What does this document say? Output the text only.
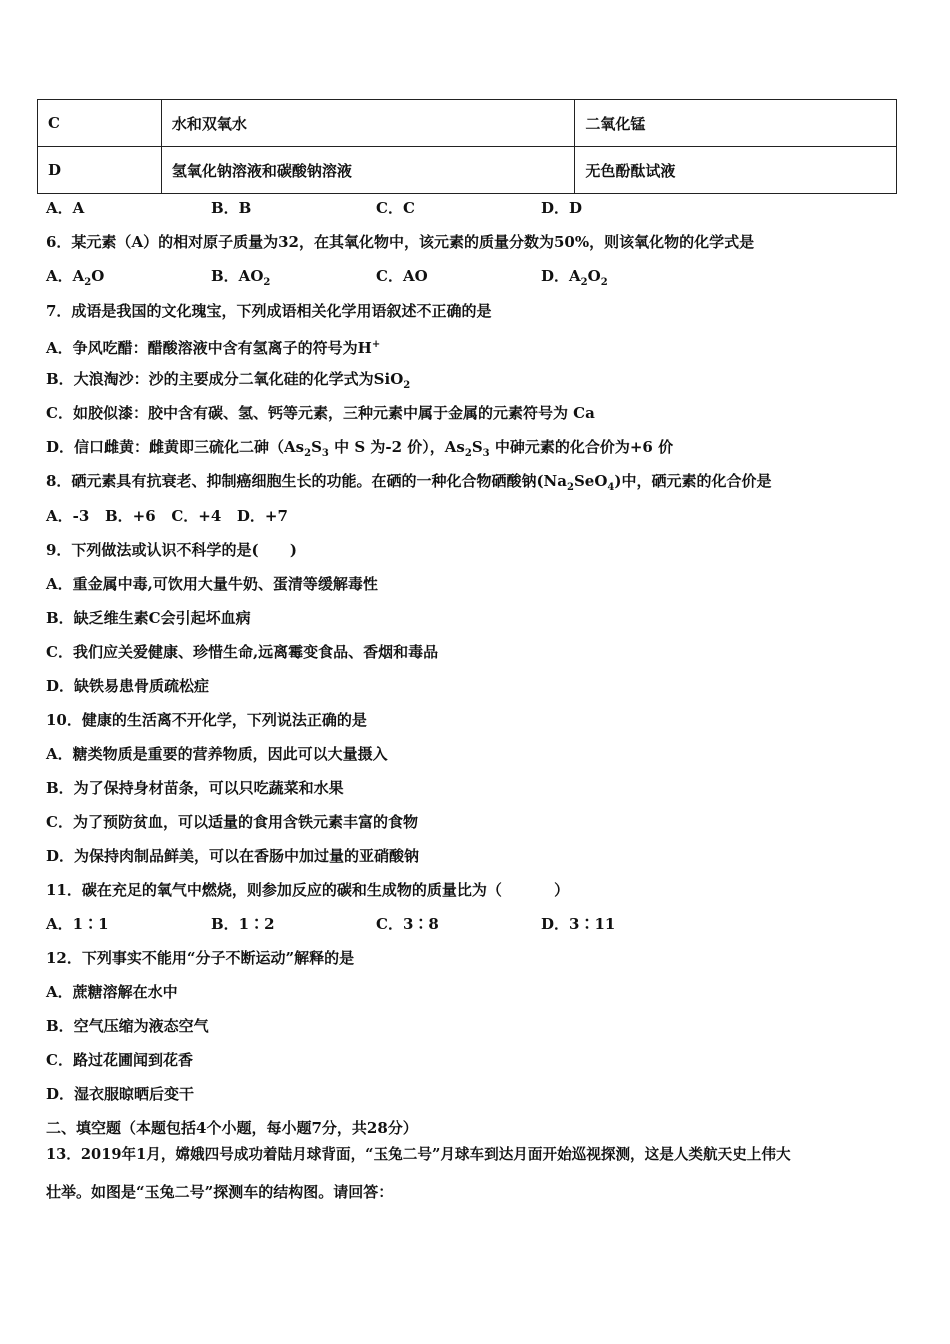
C	水和双氧水	二氧化锰
D	氢氧化钠溶液和碳酸钠溶液	无色酚酞试液
A．A	B．B	C．C	D．D
6．某元素（A）的相对原子质量为32，在其氧化物中，该元素的质量分数为50%，则该氧化物的化学式是
A．$A_2O$	B．$AO_2$	C．AO	D．$A_2O_2$
7．成语是我国的文化瑰宝，下列成语相关化学用语叙述不正确的是
A．争风吃醋：醋酸溶液中含有氢离子的符号为H+
B．大浪淘沙：沙的主要成分二氧化硅的化学式为SiO$_2$
C．如胶似漆：胶中含有碳、氢、钙等元素，三种元素中属于金属的元素符号为 Ca
D．信口雌黄：雌黄即三硫化二砷（$As_2S_3$ 中 S 为-2 价），$As_2S_3$ 中砷元素的化合价为+6 价
8．硒元素具有抗衰老、抑制癌细胞生长的功能。在硒的一种化合物硒酸钠$(Na_2SeO_4)$中，硒元素的化合价是
A．-3   B．+6   C．+4   D．+7
9．下列做法或认识不科学的是(      )
A．重金属中毒,可饮用大量牛奶、蛋清等缓解毒性
B．缺乏维生素C会引起坏血病
C．我们应关爱健康、珍惜生命,远离霉变食品、香烟和毒品
D．缺铁易患骨质疏松症
10．健康的生活离不开化学，下列说法正确的是
A．糖类物质是重要的营养物质，因此可以大量摄入
B．为了保持身材苗条，可以只吃蔬菜和水果
C．为了预防贫血，可以适量的食用含铁元素丰富的食物
D．为保持肉制品鲜美，可以在香肠中加过量的亚硝酸钠
11．碳在充足的氧气中燃烧，则参加反应的碳和生成物的质量比为（          ）
A．1∶1	B．1∶2	C．3∶8	D．3∶11
12．下列事实不能用“分子不断运动”解释的是
A．蔗糖溶解在水中
B．空气压缩为液态空气
C．路过花圃闻到花香
D．湿衣服晾晒后变干
二、填空题（本题包括4个小题，每小题7分，共28分）
13．2019年1月，嫦娥四号成功着陆月球背面，“玉兔二号”月球车到达月面开始巡视探测，这是人类航天史上伟大
壮举。如图是“玉兔二号”探测车的结构图。请回答：
